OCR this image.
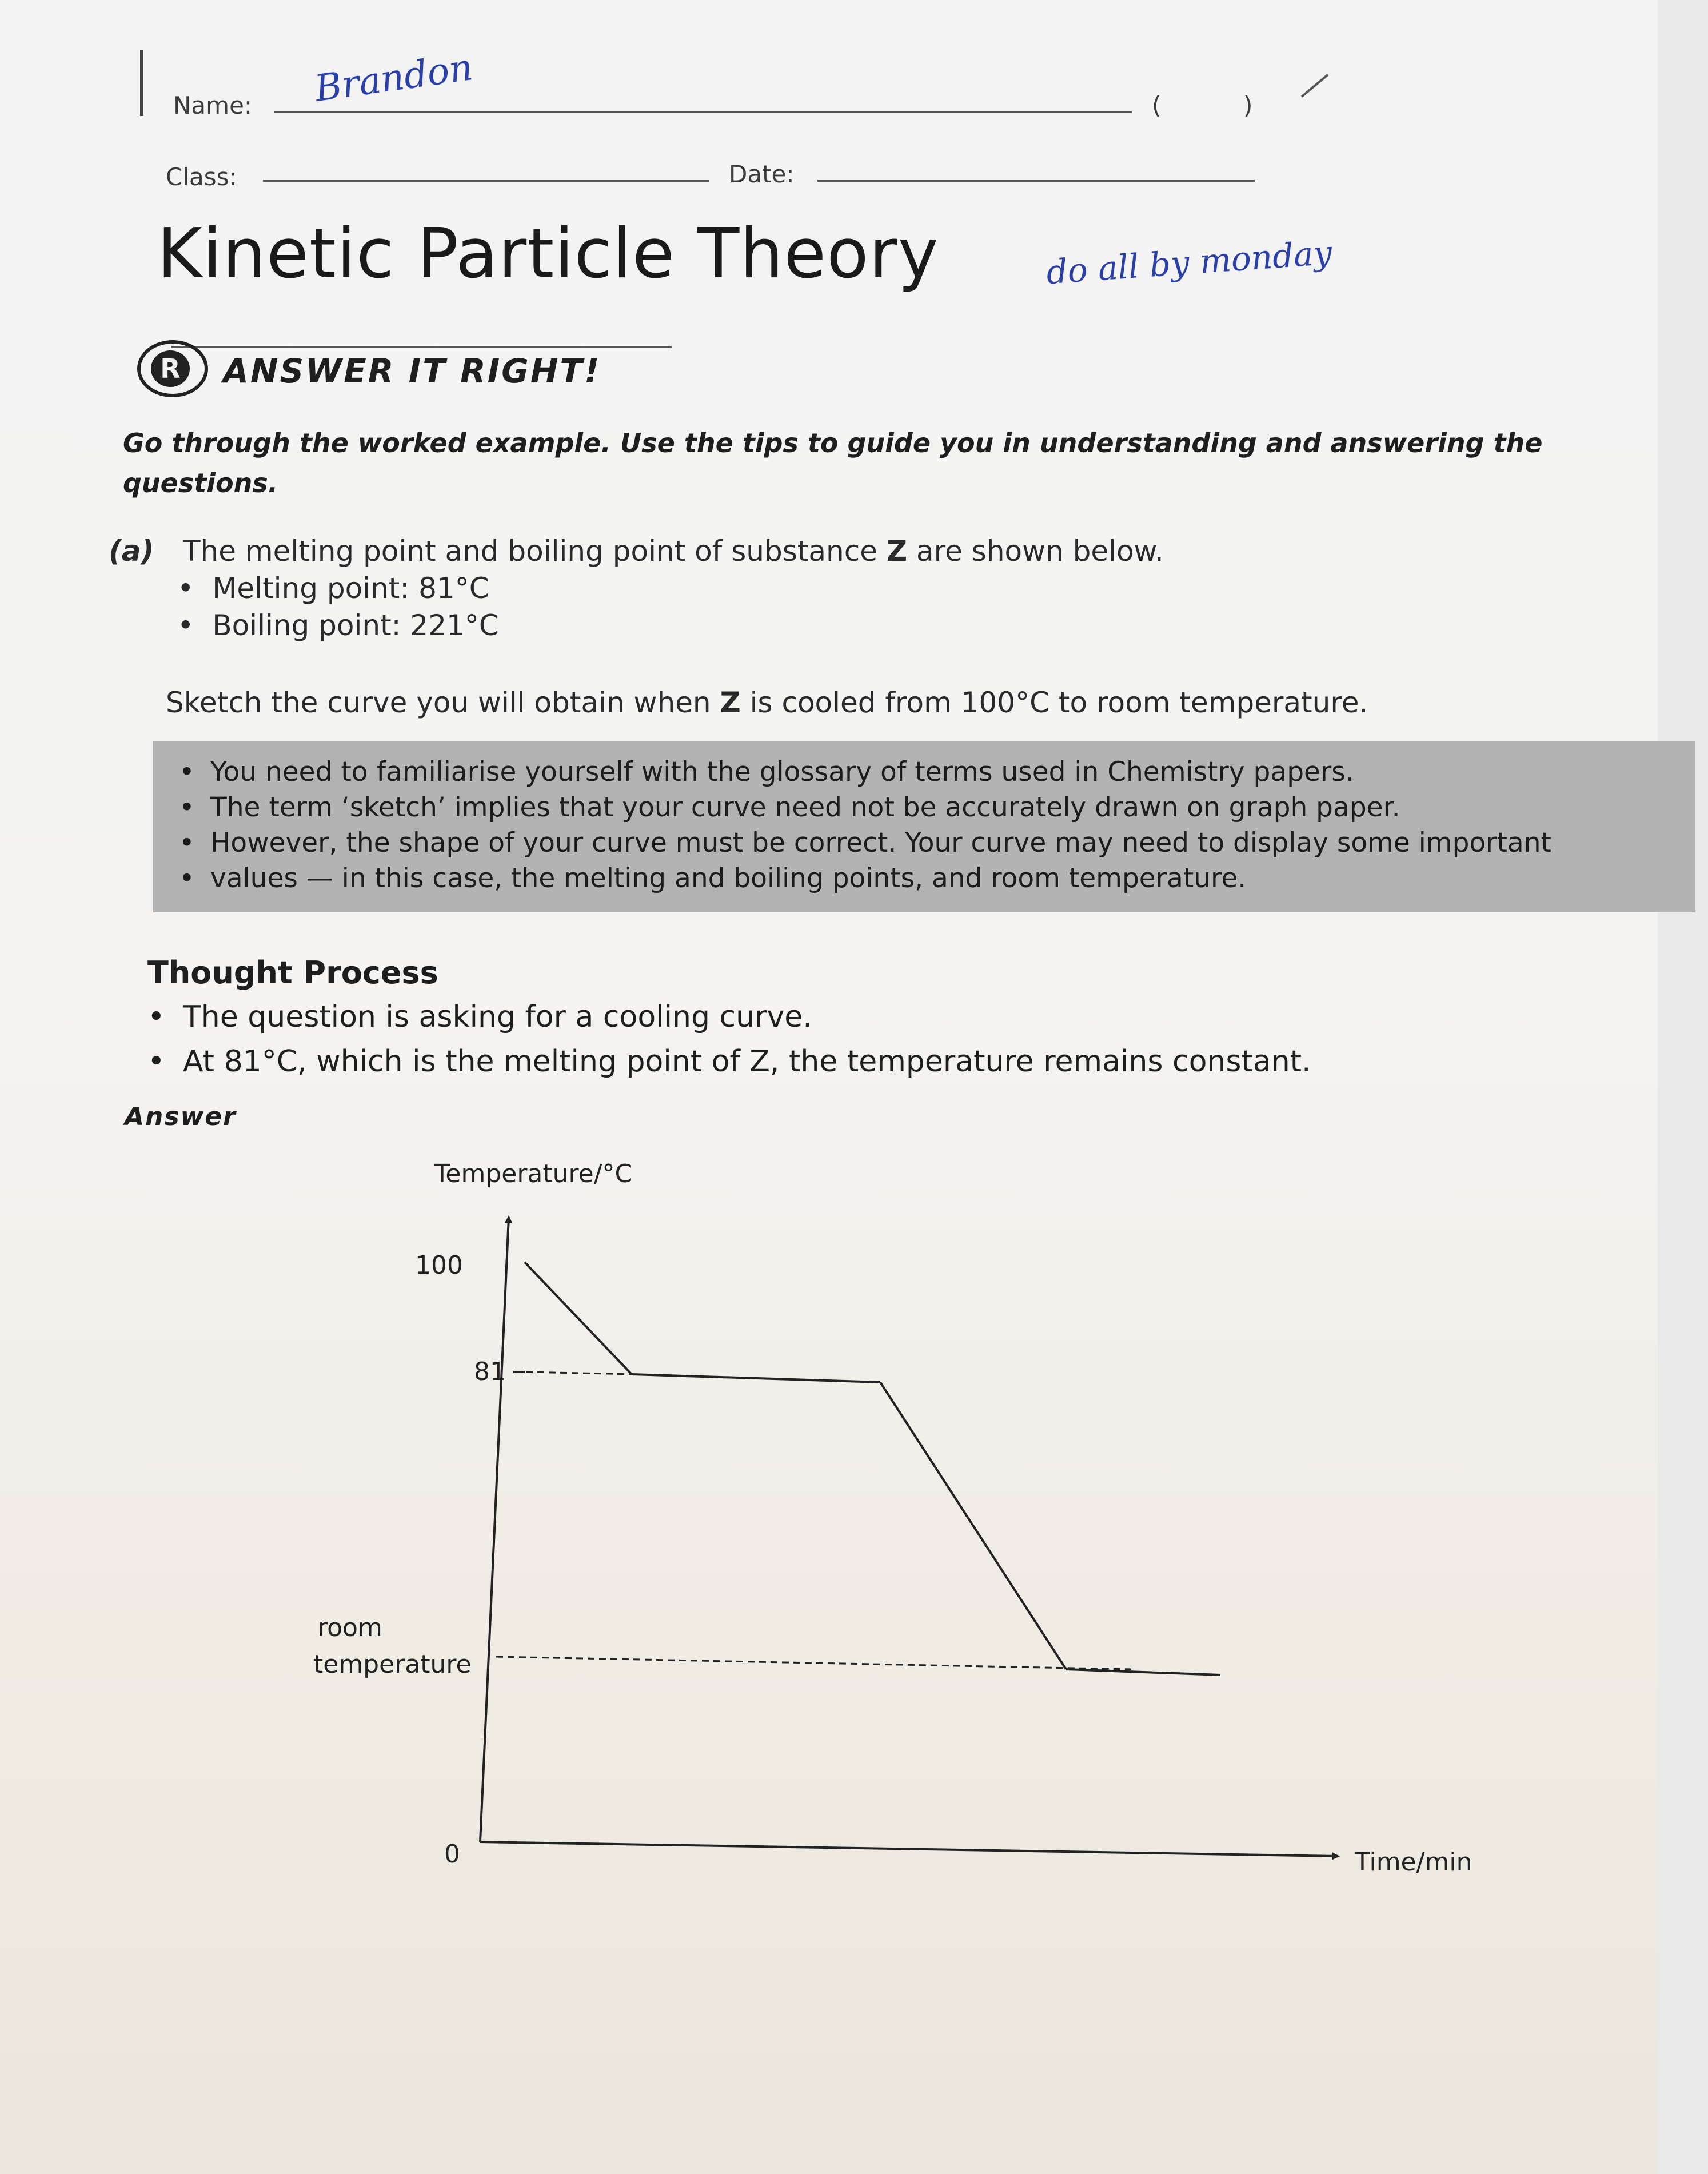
Name: Brandon	(	)
Class:	Date:
Kinetic Particle Theory	do all by monday
R ANSWER IT RIGHT!
Go through the worked example. Use the tips to guide you in understanding and answering the questions.
(a) The melting point and boiling point of substance Z are shown below.
•  Melting point: 81°C
•  Boiling point: 221°C
Sketch the curve you will obtain when Z is cooled from 100°C to room temperature.
• You need to familiarise yourself with the glossary of terms used in Chemistry papers.
• The term ‘sketch’ implies that your curve need not be accurately drawn on graph paper.
• However, the shape of your curve must be correct. Your curve may need to display some important
• values — in this case, the melting and boiling points, and room temperature.
Thought Process
• The question is asking for a cooling curve.
• At 81°C, which is the melting point of Z, the temperature remains constant.
Answer
Temperature/°C
Time/min
100
81
0
room
temperature
